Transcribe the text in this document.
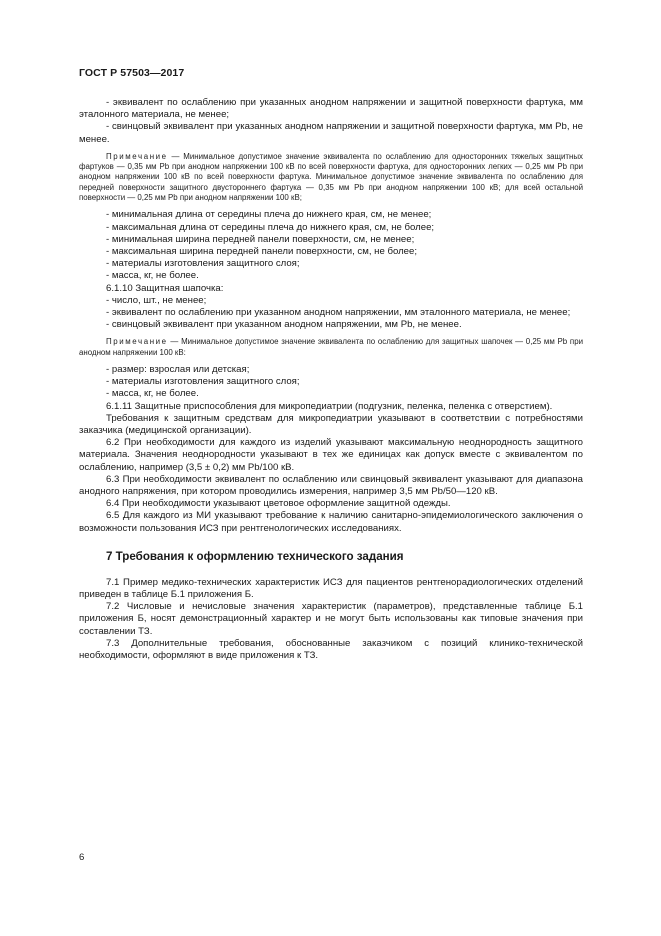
ГОСТ Р 57503—2017

- эквивалент по ослаблению при указанных анодном напряжении и защитной поверхности фартука, мм эталонного материала, не менее;

- свинцовый эквивалент при указанных анодном напряжении и защитной поверхности фартука, мм Pb, не менее.

Примечание — Минимальное допустимое значение эквивалента по ослаблению для односторонних тяжелых защитных фартуков — 0,35 мм Pb при анодном напряжении 100 кВ по всей поверхности фартука, для односторонних легких — 0,25 мм Pb при анодном напряжении 100 кВ по всей поверхности фартука. Минимальное допустимое значение эквивалента по ослаблению для передней поверхности защитного двустороннего фартука — 0,35 мм Pb при анодном напряжении 100 кВ; для всей остальной поверхности — 0,25 мм Pb при анодном напряжении 100 кВ;

- минимальная длина от середины плеча до нижнего края, см, не менее;

- максимальная длина от середины плеча до нижнего края, см, не более;

- минимальная ширина передней панели поверхности, см, не менее;

- максимальная ширина передней панели поверхности, см, не более;

- материалы изготовления защитного слоя;

- масса, кг, не более.

6.1.10 Защитная шапочка:

- число, шт., не менее;

- эквивалент по ослаблению при указанном анодном напряжении, мм эталонного материала, не менее;

- свинцовый эквивалент при указанном анодном напряжении, мм Pb, не менее.

Примечание — Минимальное допустимое значение эквивалента по ослаблению для защитных шапочек — 0,25 мм Pb при анодном напряжении 100 кВ:

- размер: взрослая или детская;

- материалы изготовления защитного слоя;

- масса, кг, не более.

6.1.11 Защитные приспособления для микропедиатрии (подгузник, пеленка, пеленка с отверстием).

Требования к защитным средствам для микропедиатрии указывают в соответствии с потребностями заказчика (медицинской организации).

6.2 При необходимости для каждого из изделий указывают максимальную неоднородность защитного материала. Значения неоднородности указывают в тех же единицах как допуск вместе с эквивалентом по ослаблению, например (3,5 ± 0,2) мм Pb/100 кВ.

6.3 При необходимости эквивалент по ослаблению или свинцовый эквивалент указывают для диапазона анодного напряжения, при котором проводились измерения, например 3,5 мм Pb/50—120 кВ.

6.4 При необходимости указывают цветовое оформление защитной одежды.

6.5 Для каждого из МИ указывают требование к наличию санитарно-эпидемиологического заключения о возможности пользования ИСЗ при рентгенологических исследованиях.

7 Требования к оформлению технического задания

7.1 Пример медико-технических характеристик ИСЗ для пациентов рентгенорадиологических отделений приведен в таблице Б.1 приложения Б.

7.2 Числовые и нечисловые значения характеристик (параметров), представленные таблице Б.1 приложения Б, носят демонстрационный характер и не могут быть использованы как типовые значения при составлении ТЗ.

7.3 Дополнительные требования, обоснованные заказчиком с позиций клинико-технической необходимости, оформляют в виде приложения к ТЗ.

6
